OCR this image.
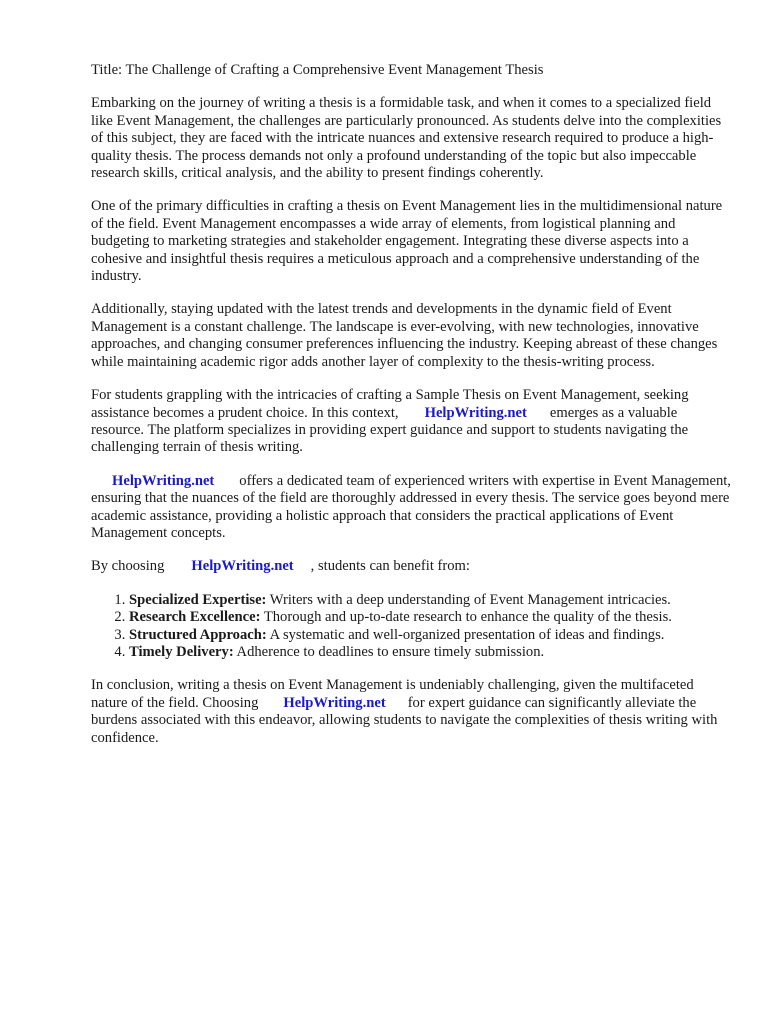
Title: The Challenge of Crafting a Comprehensive Event Management Thesis

Embarking on the journey of writing a thesis is a formidable task, and when it comes to a specialized field like Event Management, the challenges are particularly pronounced. As students delve into the complexities of this subject, they are faced with the intricate nuances and extensive research required to produce a high-quality thesis. The process demands not only a profound understanding of the topic but also impeccable research skills, critical analysis, and the ability to present findings coherently.

One of the primary difficulties in crafting a thesis on Event Management lies in the multidimensional nature of the field. Event Management encompasses a wide array of elements, from logistical planning and budgeting to marketing strategies and stakeholder engagement. Integrating these diverse aspects into a cohesive and insightful thesis requires a meticulous approach and a comprehensive understanding of the industry.

Additionally, staying updated with the latest trends and developments in the dynamic field of Event Management is a constant challenge. The landscape is ever-evolving, with new technologies, innovative approaches, and changing consumer preferences influencing the industry. Keeping abreast of these changes while maintaining academic rigor adds another layer of complexity to the thesis-writing process.

For students grappling with the intricacies of crafting a Sample Thesis on Event Management, seeking assistance becomes a prudent choice. In this context, HelpWriting.net emerges as a valuable resource. The platform specializes in providing expert guidance and support to students navigating the challenging terrain of thesis writing.

HelpWriting.net offers a dedicated team of experienced writers with expertise in Event Management, ensuring that the nuances of the field are thoroughly addressed in every thesis. The service goes beyond mere academic assistance, providing a holistic approach that considers the practical applications of Event Management concepts.

By choosing HelpWriting.net , students can benefit from:

1. Specialized Expertise: Writers with a deep understanding of Event Management intricacies.
2. Research Excellence: Thorough and up-to-date research to enhance the quality of the thesis.
3. Structured Approach: A systematic and well-organized presentation of ideas and findings.
4. Timely Delivery: Adherence to deadlines to ensure timely submission.

In conclusion, writing a thesis on Event Management is undeniably challenging, given the multifaceted nature of the field. Choosing HelpWriting.net for expert guidance can significantly alleviate the burdens associated with this endeavor, allowing students to navigate the complexities of thesis writing with confidence.
